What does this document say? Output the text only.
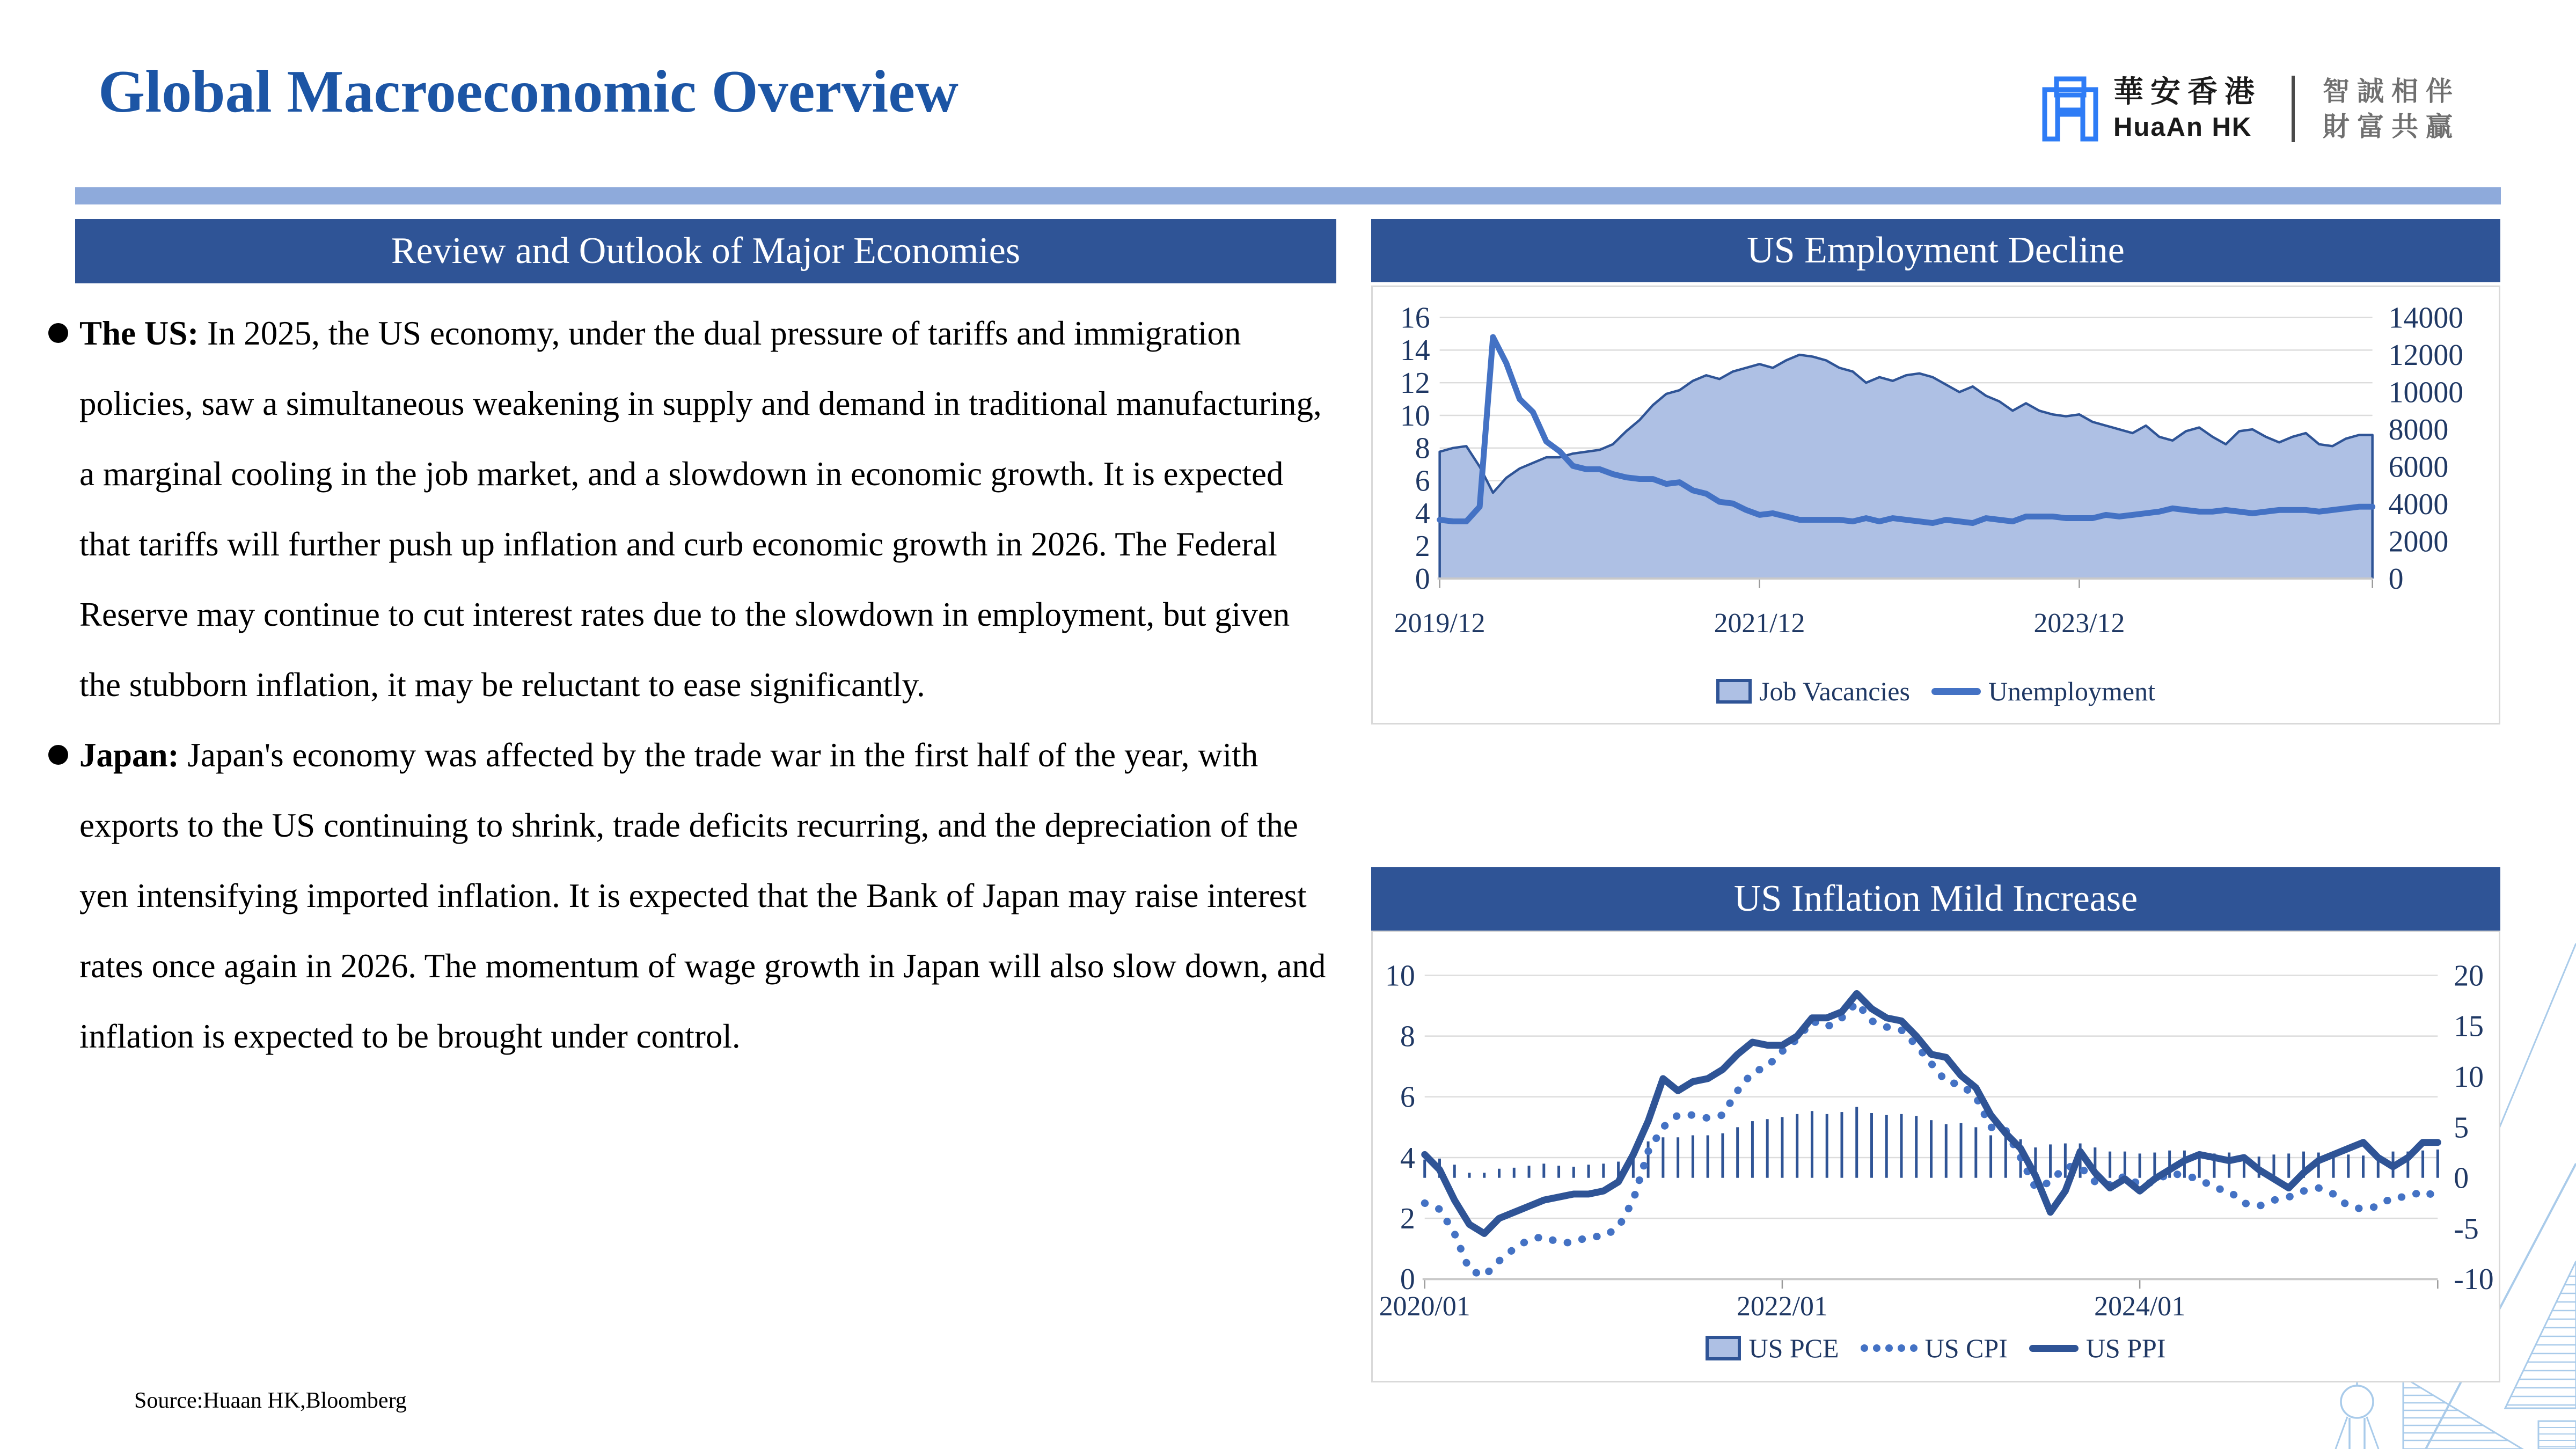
Global Macroeconomic Overview	華安香港
HuaAn HK
智誠相伴
財富共贏
Review and Outlook of Major Economies
The US: In 2025, the US economy, under the dual pressure of tariffs and immigration policies, saw a simultaneous weakening in supply and demand in traditional manufacturing, a marginal cooling in the job market, and a slowdown in economic growth. It is expected that tariffs will further push up inflation and curb economic growth in 2026. The Federal Reserve may continue to cut interest rates due to the slowdown in employment, but given the stubborn inflation, it may be reluctant to ease significantly.
Japan: Japan's economy was affected by the trade war in the first half of the year, with exports to the US continuing to shrink, trade deficits recurring, and the depreciation of the yen intensifying imported inflation. It is expected that the Bank of Japan may raise interest rates once again in 2026. The momentum of wage growth in Japan will also slow down, and inflation is expected to be brought under control.
Source:Huaan HK,Bloomberg
US Employment Decline
16
14
12
10
8
6
4
2
0
14000
12000
10000
8000
6000
4000
2000
0
2019/12	2021/12	2023/12
Job Vacancies	Unemployment
US Inflation Mild Increase
10
8
6
4
2
0
20
15
10
5
0
-5
-10
2020/01	2022/01	2024/01
US PCE	US CPI	US PPI
